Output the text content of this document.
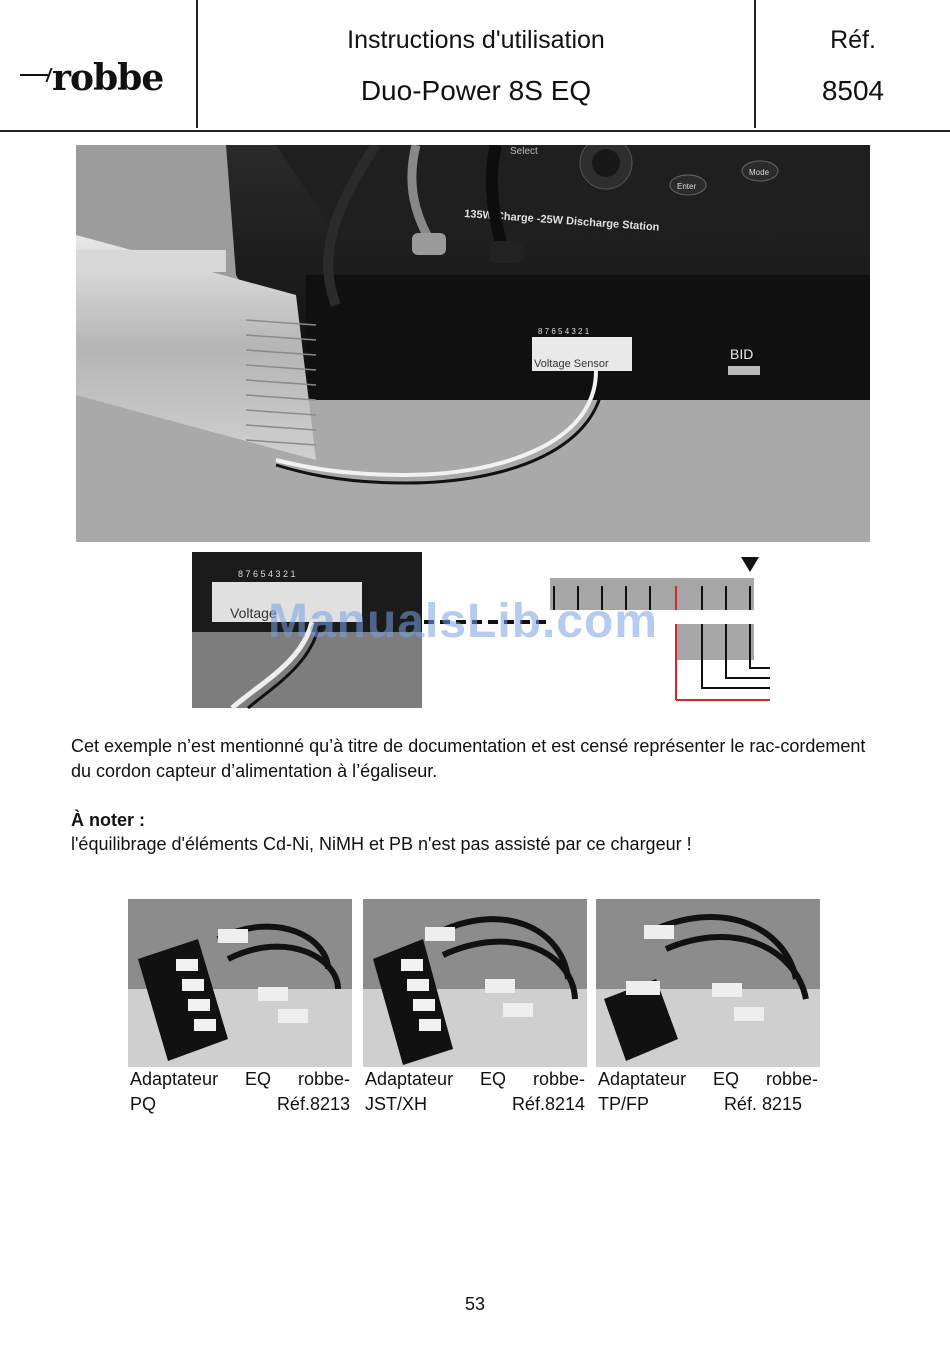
robbe
Instructions d'utilisation
Duo-Power 8S EQ
Réf.
8504
Select
Enter
Mode
135W Charge -25W Discharge Station
8 7 6 5 4 3 2 1
Voltage Sensor
BID
8 7 6 5 4 3 2 1
Voltage
ManualsLib.com
Cet exemple n’est mentionné qu’à titre de documentation et est censé représenter le rac-cordement du cordon capteur d’alimentation à l’égaliseur.
À noter :
l'équilibrage d'éléments Cd-Ni, NiMH et PB n'est pas assisté par ce chargeur !
Adaptateur EQ robbe-
PQ	Réf.8213
Adaptateur EQ robbe-
JST/XH	Réf.8214
Adaptateur EQ robbe-
TP/FP	Réf. 8215
53
